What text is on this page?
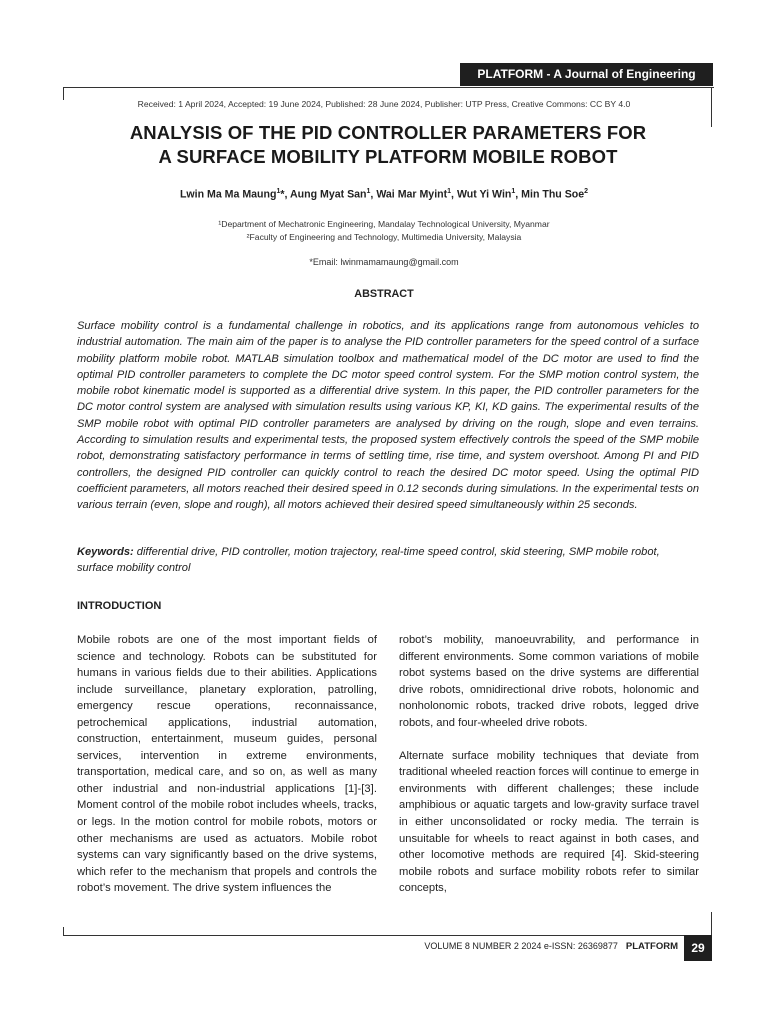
PLATFORM - A Journal of Engineering
Received: 1 April 2024, Accepted: 19 June 2024, Published: 28 June 2024, Publisher: UTP Press, Creative Commons: CC BY 4.0
ANALYSIS OF THE PID CONTROLLER PARAMETERS FOR
A SURFACE MOBILITY PLATFORM MOBILE ROBOT
Lwin Ma Ma Maung$^1$*, Aung Myat San$^1$, Wai Mar Myint$^1$, Wut Yi Win$^1$, Min Thu Soe$^2$
¹Department of Mechatronic Engineering, Mandalay Technological University, Myanmar
²Faculty of Engineering and Technology, Multimedia University, Malaysia
*Email: lwinmamamaung@gmail.com
ABSTRACT
Surface mobility control is a fundamental challenge in robotics, and its applications range from autonomous vehicles to industrial automation. The main aim of the paper is to analyse the PID controller parameters for the speed control of a surface mobility platform mobile robot. MATLAB simulation toolbox and mathematical model of the DC motor are used to find the optimal PID controller parameters to complete the DC motor speed control system. For the SMP motion control system, the mobile robot kinematic model is supported as a differential drive system. In this paper, the PID controller parameters for the DC motor control system are analysed with simulation results using various KP, KI, KD gains. The experimental results of the SMP mobile robot with optimal PID controller parameters are analysed by driving on the rough, slope and even terrains. According to simulation results and experimental tests, the proposed system effectively controls the speed of the SMP mobile robot, demonstrating satisfactory performance in terms of settling time, rise time, and system overshoot. Among PI and PID controllers, the designed PID controller can quickly control to reach the desired DC motor speed. Using the optimal PID coefficient parameters, all motors reached their desired speed in 0.12 seconds during simulations. In the experimental tests on various terrain (even, slope and rough), all motors achieved their desired speed simultaneously within 25 seconds.
Keywords: differential drive, PID controller, motion trajectory, real-time speed control, skid steering, SMP mobile robot, surface mobility control
INTRODUCTION

Mobile robots are one of the most important fields of science and technology. Robots can be substituted for humans in various fields due to their abilities. Applications include surveillance, planetary exploration, patrolling, emergency rescue operations, reconnaissance, petrochemical applications, industrial automation, construction, entertainment, museum guides, personal services, intervention in extreme environments, transportation, medical care, and so on, as well as many other industrial and non-industrial applications [1]-[3]. Moment control of the mobile robot includes wheels, tracks, or legs. In the motion control for mobile robots, motors or other mechanisms are used as actuators. Mobile robot systems can vary significantly based on the drive systems, which refer to the mechanism that propels and controls the robot’s movement. The drive system influences the

robot’s mobility, manoeuvrability, and performance in different environments. Some common variations of mobile robot systems based on the drive systems are differential drive robots, omnidirectional drive robots, holonomic and nonholonomic robots, tracked drive robots, legged drive robots, and four-wheeled drive robots.

Alternate surface mobility techniques that deviate from traditional wheeled reaction forces will continue to emerge in environments with different challenges; these include amphibious or aquatic targets and low-gravity surface travel in either unconsolidated or rocky media. The terrain is unsuitable for wheels to react against in both cases, and other locomotive methods are required [4]. Skid-steering mobile robots and surface mobility robots refer to similar concepts,

VOLUME 8 NUMBER 2 2024 e-ISSN: 26369877 PLATFORM	29
